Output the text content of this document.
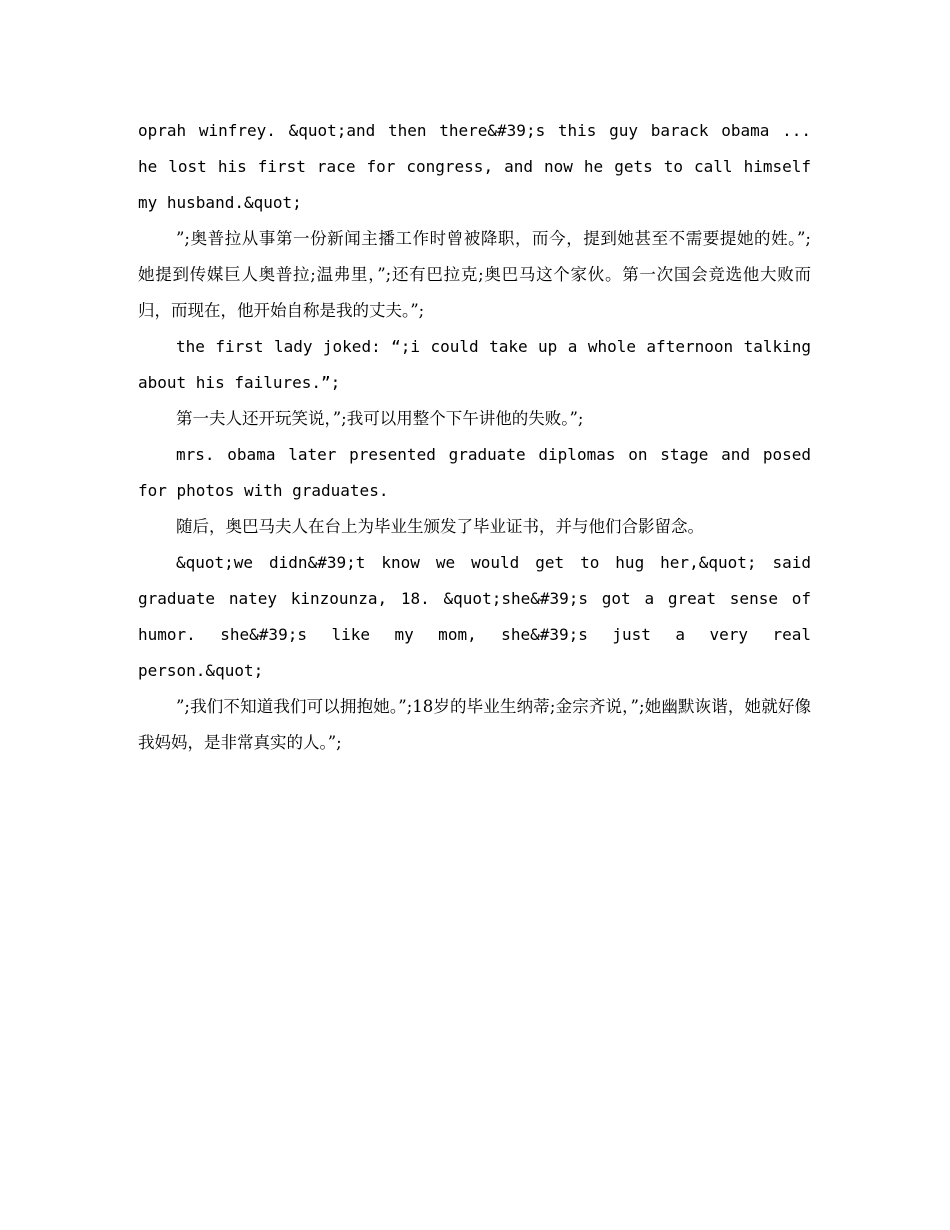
oprah winfrey. &quot;and then there&#39;s this guy barack obama ... he lost his first race for congress, and now he gets to call himself my husband.&quot;

”;奥普拉从事第一份新闻主播工作时曾被降职，而今，提到她甚至不需要提她的姓。”; 她提到传媒巨人奥普拉;温弗里，”;还有巴拉克;奥巴马这个家伙。第一次国会竞选他大败而归，而现在，他开始自称是我的丈夫。”;

the first lady joked: “;i could take up a whole afternoon talking about his failures.”;

第一夫人还开玩笑说，”;我可以用整个下午讲他的失败。”;

mrs. obama later presented graduate diplomas on stage and posed for photos with graduates.

随后，奥巴马夫人在台上为毕业生颁发了毕业证书，并与他们合影留念。

&quot;we didn&#39;t know we would get to hug her,&quot; said graduate natey kinzounza, 18. &quot;she&#39;s got a great sense of humor. she&#39;s like my mom, she&#39;s just a very real person.&quot;

”;我们不知道我们可以拥抱她。”;18岁的毕业生纳蒂;金宗齐说，”;她幽默诙谐，她就好像我妈妈，是非常真实的人。”;
